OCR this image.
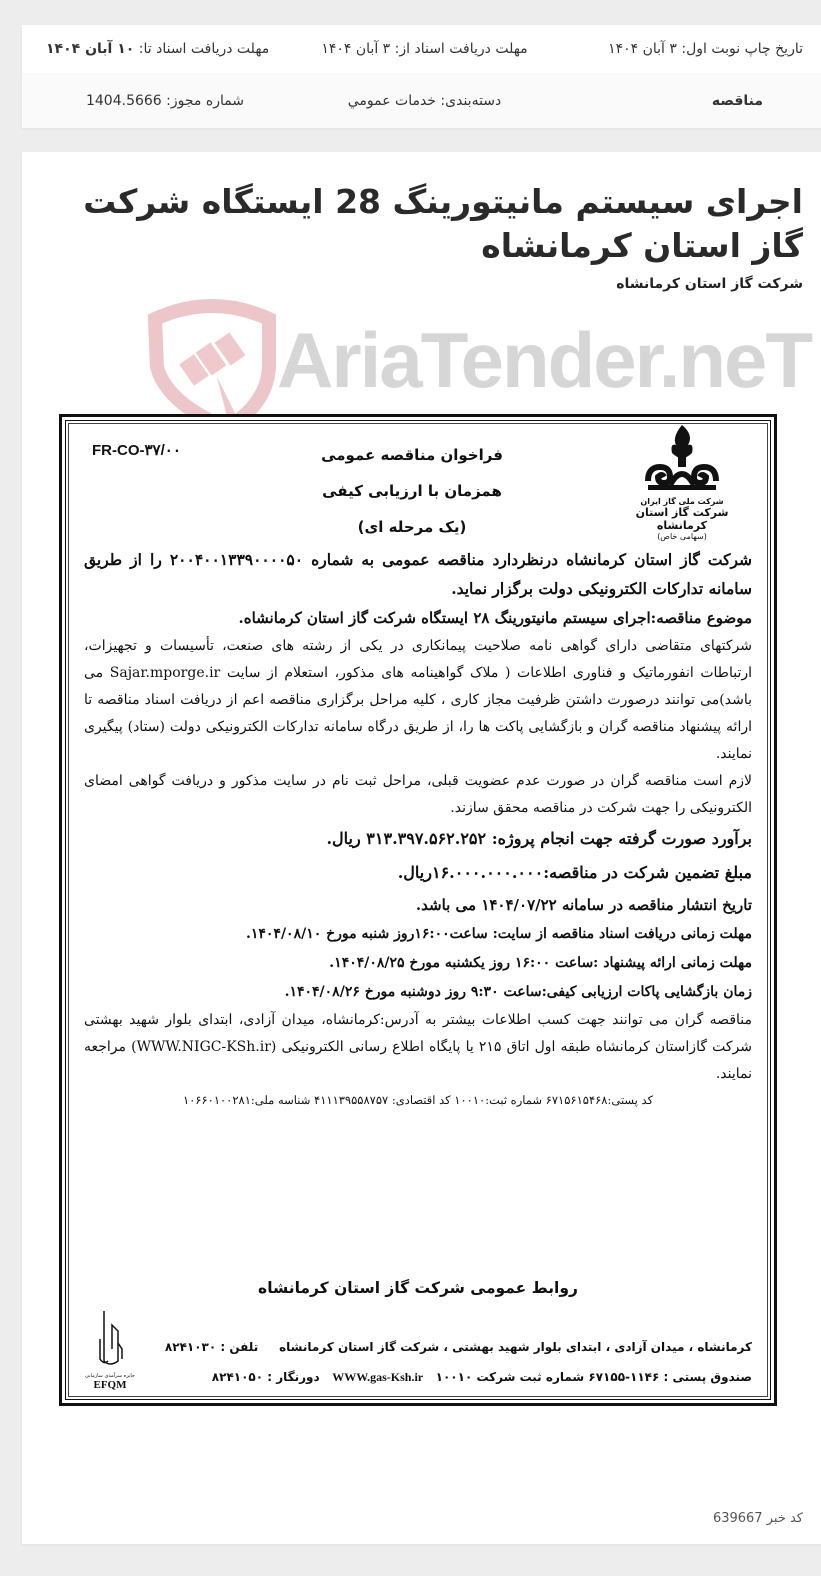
تاریخ چاپ نوبت اول: ۳ آبان ۱۴۰۴
مهلت دریافت اسناد از: ۳ آبان ۱۴۰۴
مهلت دریافت اسناد تا: ۱۰ آبان ۱۴۰۴
مناقصه
دسته‌بندی: خدمات عمومي
شماره مجوز: 1404.5666
اجرای سیستم مانیتورینگ 28 ایستگاه شرکت گاز استان کرمانشاه
شرکت گاز استان کرمانشاه
AriaTender.neT
FR-CO-۳۷/۰۰	فراخوان مناقصه عمومی
همزمان با ارزیابی کیفی
(یک مرحله ای)
شرکت ملی گاز ایران
شرکت گاز استان کرمانشاه
(سهامی خاص)

شرکت گاز استان کرمانشاه درنظردارد مناقصه عمومی به شماره ۲۰۰۴۰۰۱۳۳۹۰۰۰۰۵۰ را از طریق سامانه تدارکات الکترونیکی دولت برگزار نماید.

موضوع مناقصه:اجرای سیستم مانیتورینگ ۲۸ ایستگاه شرکت گاز استان کرمانشاه.

شرکتهای متقاضی دارای گواهی نامه صلاحیت پیمانکاری در یکی از رشته های صنعت، تأسیسات و تجهیزات، ارتباطات انفورماتیک و فناوری اطلاعات ( ملاک گواهینامه های مذکور، استعلام از سایت Sajar.mporge.ir می باشد)می توانند درصورت داشتن ظرفیت مجاز کاری ، کلیه مراحل برگزاری مناقصه اعم از دریافت اسناد مناقصه تا ارائه پیشنهاد مناقصه گران و بازگشایی پاکت ها را، از طریق درگاه سامانه تدارکات الکترونیکی دولت (ستاد) پیگیری نمایند.

لازم است مناقصه گران در صورت عدم عضویت قبلی، مراحل ثبت نام در سایت مذکور و دریافت گواهی امضای الکترونیکی را جهت شرکت در مناقصه محقق سازند.

برآورد صورت گرفته جهت انجام پروژه: ۳۱۳.۳۹۷.۵۶۲.۲۵۲ ریال.

مبلغ تضمین شرکت در مناقصه:۱۶.۰۰۰.۰۰۰.۰۰۰ریال.

تاریخ انتشار مناقصه در سامانه ۱۴۰۴/۰۷/۲۲ می باشد.

مهلت زمانی دریافت اسناد مناقصه از سایت: ساعت۱۶:۰۰روز شنبه مورخ ۱۴۰۴/۰۸/۱۰.

مهلت زمانی ارائه پیشنهاد :ساعت ۱۶:۰۰ روز یکشنبه مورخ ۱۴۰۴/۰۸/۲۵.

زمان بازگشایی پاکات ارزیابی کیفی:ساعت ۹:۳۰ روز دوشنبه مورخ ۱۴۰۴/۰۸/۲۶.

مناقصه گران می توانند جهت کسب اطلاعات بیشتر به آدرس:کرمانشاه، میدان آزادی، ابتدای بلوار شهید بهشتی شرکت گازاستان کرمانشاه طبقه اول اتاق ۲۱۵ یا پایگاه اطلاع رسانی الکترونیکی (WWW.NIGC-KSh.ir) مراجعه نمایند.

کد پستی:۶۷۱۵۶۱۵۴۶۸ شماره ثبت:۱۰۰۱۰ کد اقتصادی: ۴۱۱۱۳۹۵۵۸۷۵۷ شناسه ملی:۱۰۶۶۰۱۰۰۲۸۱

روابط عمومی شرکت گاز استان کرمانشاه
کرمانشاه ، میدان آزادی ، ابتدای بلوار شهید بهشتی ، شرکت گاز استان کرمانشاه     تلفن : ۸۲۴۱۰۳۰
صندوق پستی : ۱۱۴۶-۶۷۱۵۵ شماره ثبت شرکت ۱۰۰۱۰   WWW.gas-Ksh.ir   دورنگار : ۸۲۴۱۰۵۰
جایزه سرآمدی سازمانی
EFQM
کد خبر 639667
